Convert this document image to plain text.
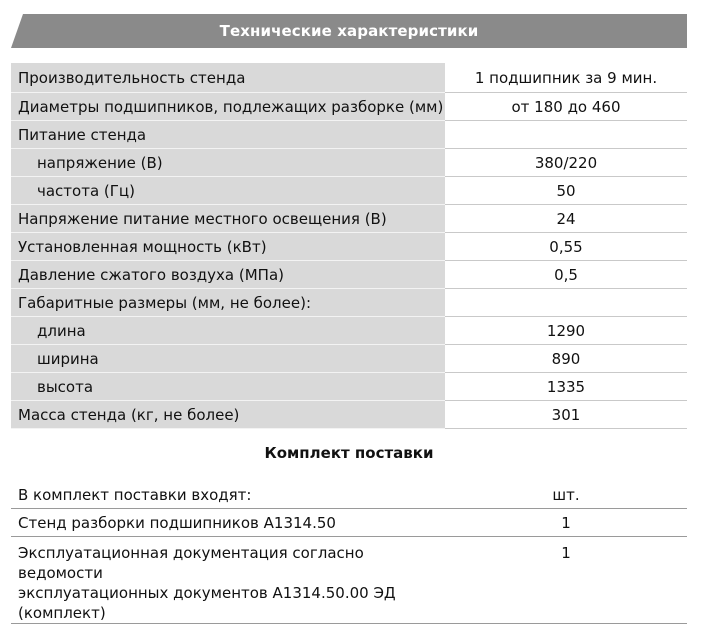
Технические характеристики
Производительность стенда	1 подшипник за 9 мин.
Диаметры подшипников, подлежащих разборке (мм)	от 180 до 460
Питание стенда	
напряжение (В)	380/220
частота (Гц)	50
Напряжение питание местного освещения (В)	24
Установленная мощность (кВт)	0,55
Давление сжатого воздуха (МПа)	0,5
Габаритные размеры (мм, не более):	
длина	1290
ширина	890
высота	1335
Масса стенда (кг, не более)	301
Комплект поставки
В комплект поставки входят:	шт.
Стенд разборки подшипников А1314.50	1
Эксплуатационная документация согласно ведомости
эксплуатационных документов А1314.50.00 ЭД
(комплект)	1
